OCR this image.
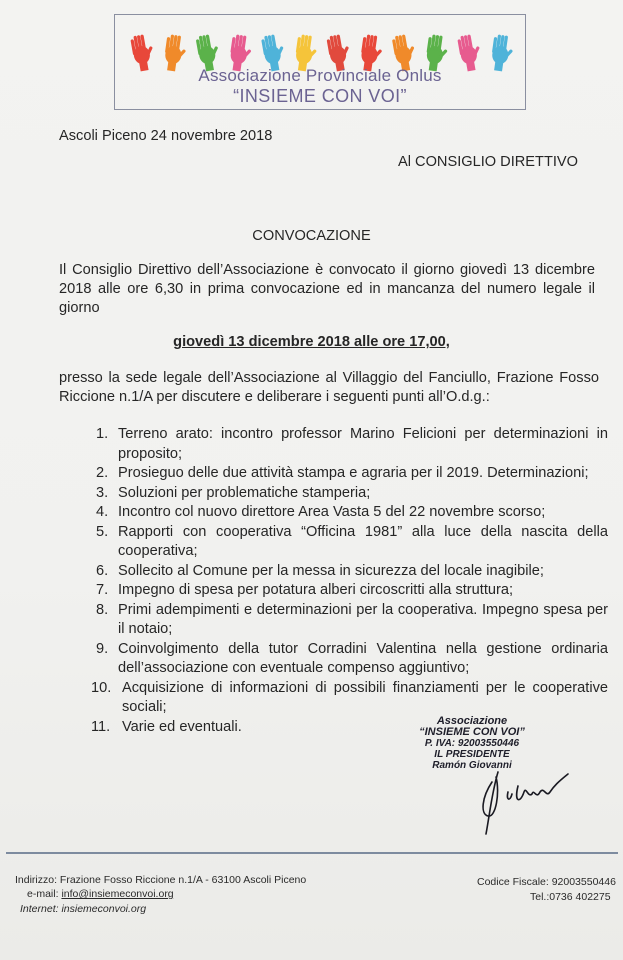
Associazione Provinciale Onlus
“INSIEME CON VOI”
Ascoli Piceno 24 novembre 2018
Al CONSIGLIO DIRETTIVO
CONVOCAZIONE
Il Consiglio Direttivo dell’Associazione è convocato il giorno giovedì 13 dicembre 2018 alle ore 6,30 in prima convocazione ed in mancanza del numero legale il giorno
giovedì 13 dicembre 2018 alle ore 17,00,
presso la sede legale dell’Associazione al Villaggio del Fanciullo, Frazione Fosso Riccione n.1/A per discutere e deliberare i seguenti punti all’O.d.g.:
1. Terreno arato: incontro professor Marino Felicioni per determinazioni in proposito;
2. Prosieguo delle due attività stampa e agraria per il 2019. Determinazioni;
3. Soluzioni per problematiche stamperia;
4. Incontro col nuovo direttore Area Vasta 5 del 22 novembre scorso;
5. Rapporti con cooperativa “Officina 1981” alla luce della nascita della cooperativa;
6. Sollecito al Comune per la messa in sicurezza del locale inagibile;
7. Impegno di spesa per potatura alberi circoscritti alla struttura;
8. Primi adempimenti e determinazioni per la cooperativa. Impegno spesa per il notaio;
9. Coinvolgimento della tutor Corradini Valentina nella gestione ordinaria dell’associazione con eventuale compenso aggiuntivo;
10. Acquisizione di informazioni di possibili finanziamenti per le cooperative sociali;
11. Varie ed eventuali.	Associazione
“INSIEME CON VOI”
P. IVA: 92003550446
IL PRESIDENTE
Ramón Giovanni
Indirizzo: Frazione Fosso Riccione n.1/A - 63100 Ascoli Piceno
e-mail: info@insiemeconvoi.org
Internet: insiemeconvoi.org
Codice Fiscale: 92003550446
Tel.:0736 402275
